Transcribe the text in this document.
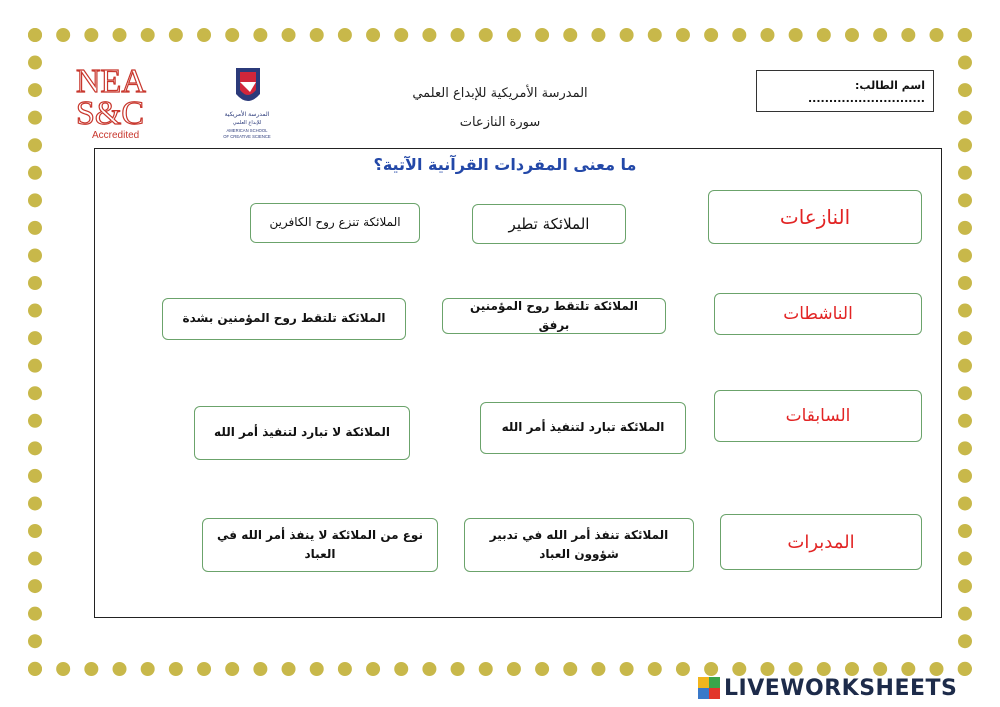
NEA
S&C
Accredited
المدرسة الأمريكية
للإبداع العلمي
AMERICAN SCHOOL
OF CREATIVE SCIENCE
المدرسة الأمريكية للإبداع العلمي
سورة النازعات
اسم الطالب: ............................
ما معنى المفردات القرآنية الآتية؟
النازعات
الناشطات
السابقات
المدبرات
الملائكة تطير
الملائكة تلتقط روح المؤمنين برفق
الملائكة تبارد لتنفيذ أمر الله
الملائكة تنفذ أمر الله في تدبير شؤوون العباد
الملائكة تنزع روح الكافرين
الملائكة تلتقط روح المؤمنين بشدة
الملائكة لا تبارد لتنفيذ أمر الله
نوع من الملائكة لا ينفذ أمر الله في العباد
LIVEWORKSHEETS
